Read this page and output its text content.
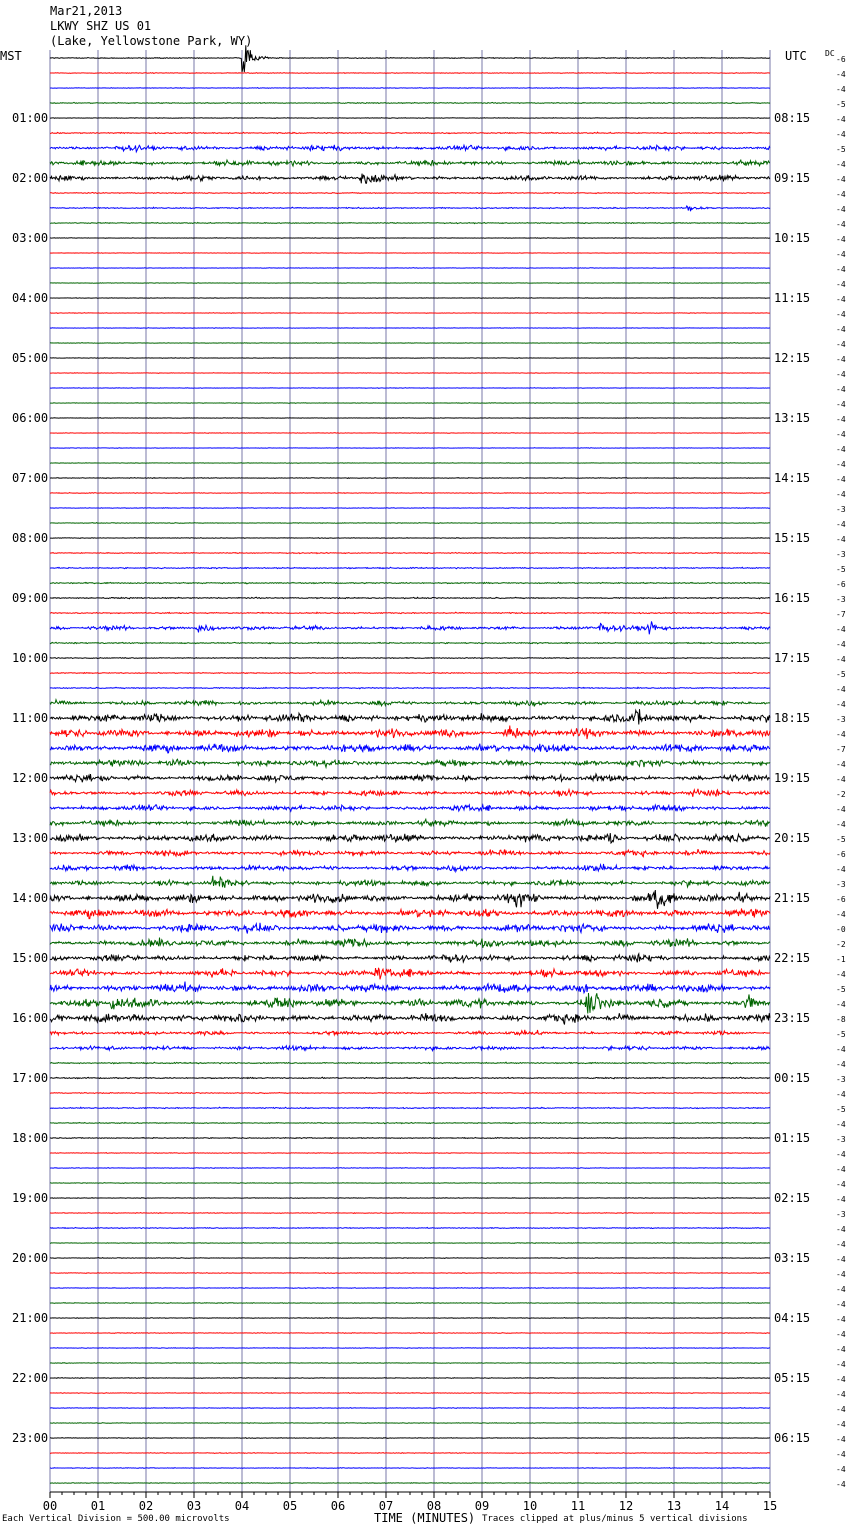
Mar21,2013
LKWY SHZ US 01
(Lake, Yellowstone Park, WY)
MST	UTC
00	01	02	03	04	05	06	07	08	09	10	11	12	13	14	15
-6
-4
-4
-5
-4
-4
-5
-4
-4
-4
-4
-4
-4
-4
-4
-4
-4
-4
-4
-4
-4
-4
-4
-4
-4
-4
-4
-4
-4
-4
-3
-4
-4
-3
-5
-6
-3
-7
-4
-4
-4
-5
-4
-4
-3
-4
-7
-4
-4
-2
-4
-4
-5
-6
-4
-3
-6
-4
-0
-2
-1
-4
-5
-4
-8
-5
-4
-4
-3
-4
-5
-4
-3
-4
-4
-4
-4
-3
-4
-4
-4
-4
-4
-4
-4
-4
-4
-4
-4
-4
-4
-4
-4
-4
-4
-4
DC
01:00
02:00
03:00
04:00
05:00
06:00
07:00
08:00
09:00
10:00
11:00
12:00
13:00
14:00
15:00
16:00
17:00
18:00
19:00
20:00
21:00
22:00
23:00
08:15
09:15
10:15
11:15
12:15
13:15
14:15
15:15
16:15
17:15
18:15
19:15
20:15
21:15
22:15
23:15
00:15
01:15
02:15
03:15
04:15
05:15
06:15
Each Vertical Division = 500.00 microvolts	TIME (MINUTES) Traces clipped at plus/minus 5 vertical divisions
